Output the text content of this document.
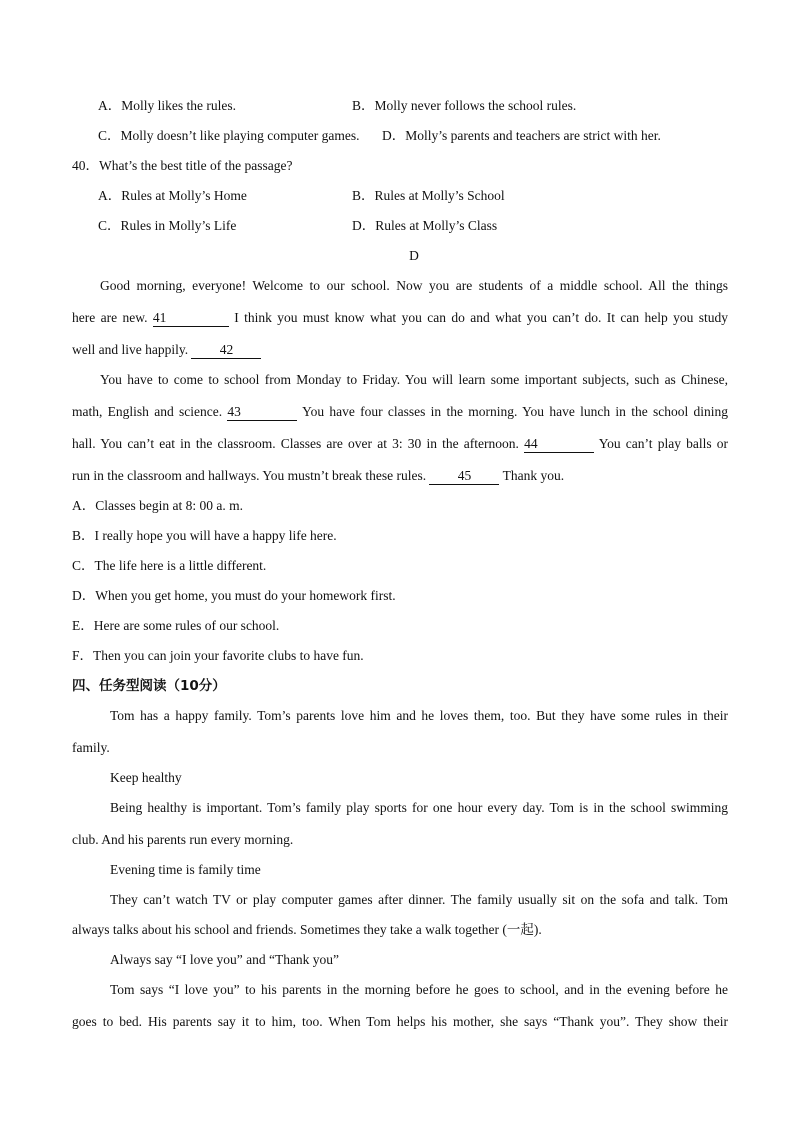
A．Molly likes the rules.	B．Molly never follows the school rules.
C．Molly doesn’t like playing computer games. D．Molly’s parents and teachers are strict with her.
40．What’s the best title of the passage?
A．Rules at Molly’s Home	B．Rules at Molly’s School
C．Rules in Molly’s Life	D．Rules at Molly’s Class
D
Good morning, everyone! Welcome to our school. Now you are students of a middle school. All the things
here are new. 41	I think you must know what you can do and what you can’t do. It can help you study
well and live happily. 42
You have to come to school from Monday to Friday. You will learn some important subjects, such as Chinese,
math, English and science. 43	You have four classes in the morning. You have lunch in the school dining
hall. You can’t eat in the classroom. Classes are over at 3: 30 in the afternoon. 44	You can’t play balls or
run in the classroom and hallways. You mustn’t break these rules. 45 Thank you.
A．Classes begin at 8: 00 a. m.
B．I really hope you will have a happy life here.
C．The life here is a little different.
D．When you get home, you must do your homework first.
E．Here are some rules of our school.
F．Then you can join your favorite clubs to have fun.
四、任务型阅读（10分）
Tom has a happy family. Tom’s parents love him and he loves them, too. But they have some rules in their
family.
Keep healthy
Being healthy is important. Tom’s family play sports for one hour every day. Tom is in the school swimming
club. And his parents run every morning.
Evening time is family time
They can’t watch TV or play computer games after dinner. The family usually sit on the sofa and talk. Tom
always talks about his school and friends. Sometimes they take a walk together (一起).
Always say “I love you” and “Thank you”
Tom says “I love you” to his parents in the morning before he goes to school, and in the evening before he
goes to bed. His parents say it to him, too. When Tom helps his mother, she says “Thank you”. They show their
